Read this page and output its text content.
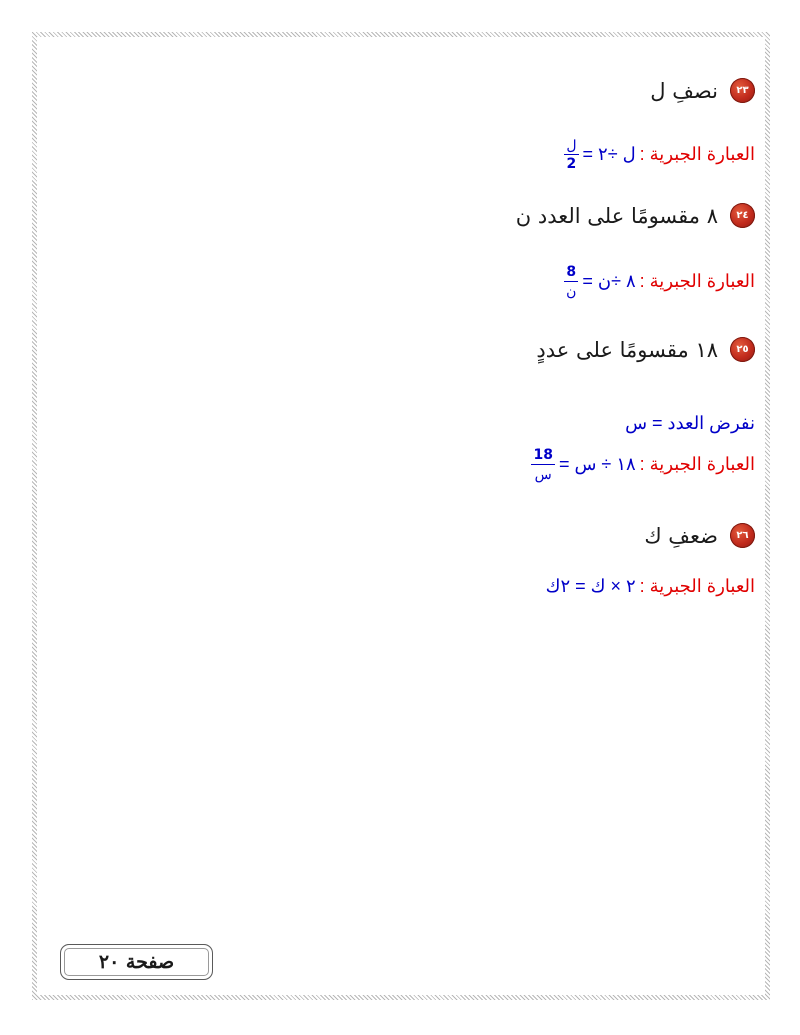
٢٣
نصفِ ل
العبارة الجبرية :
ل ÷٢ =
$\frac{\text{ل}}{2}$
٢٤
٨ مقسومًا على العدد ن
العبارة الجبرية :
٨ ÷ن =
$\frac{8}{\text{ن}}$
٢٥
١٨ مقسومًا على عددٍ
نفرض العدد = س
العبارة الجبرية :
١٨ ÷ س =
$\frac{18}{\text{س}}$
٢٦
ضعفِ ك
العبارة الجبرية :
٢ × ك = ٢ك
صفحة ٢٠
